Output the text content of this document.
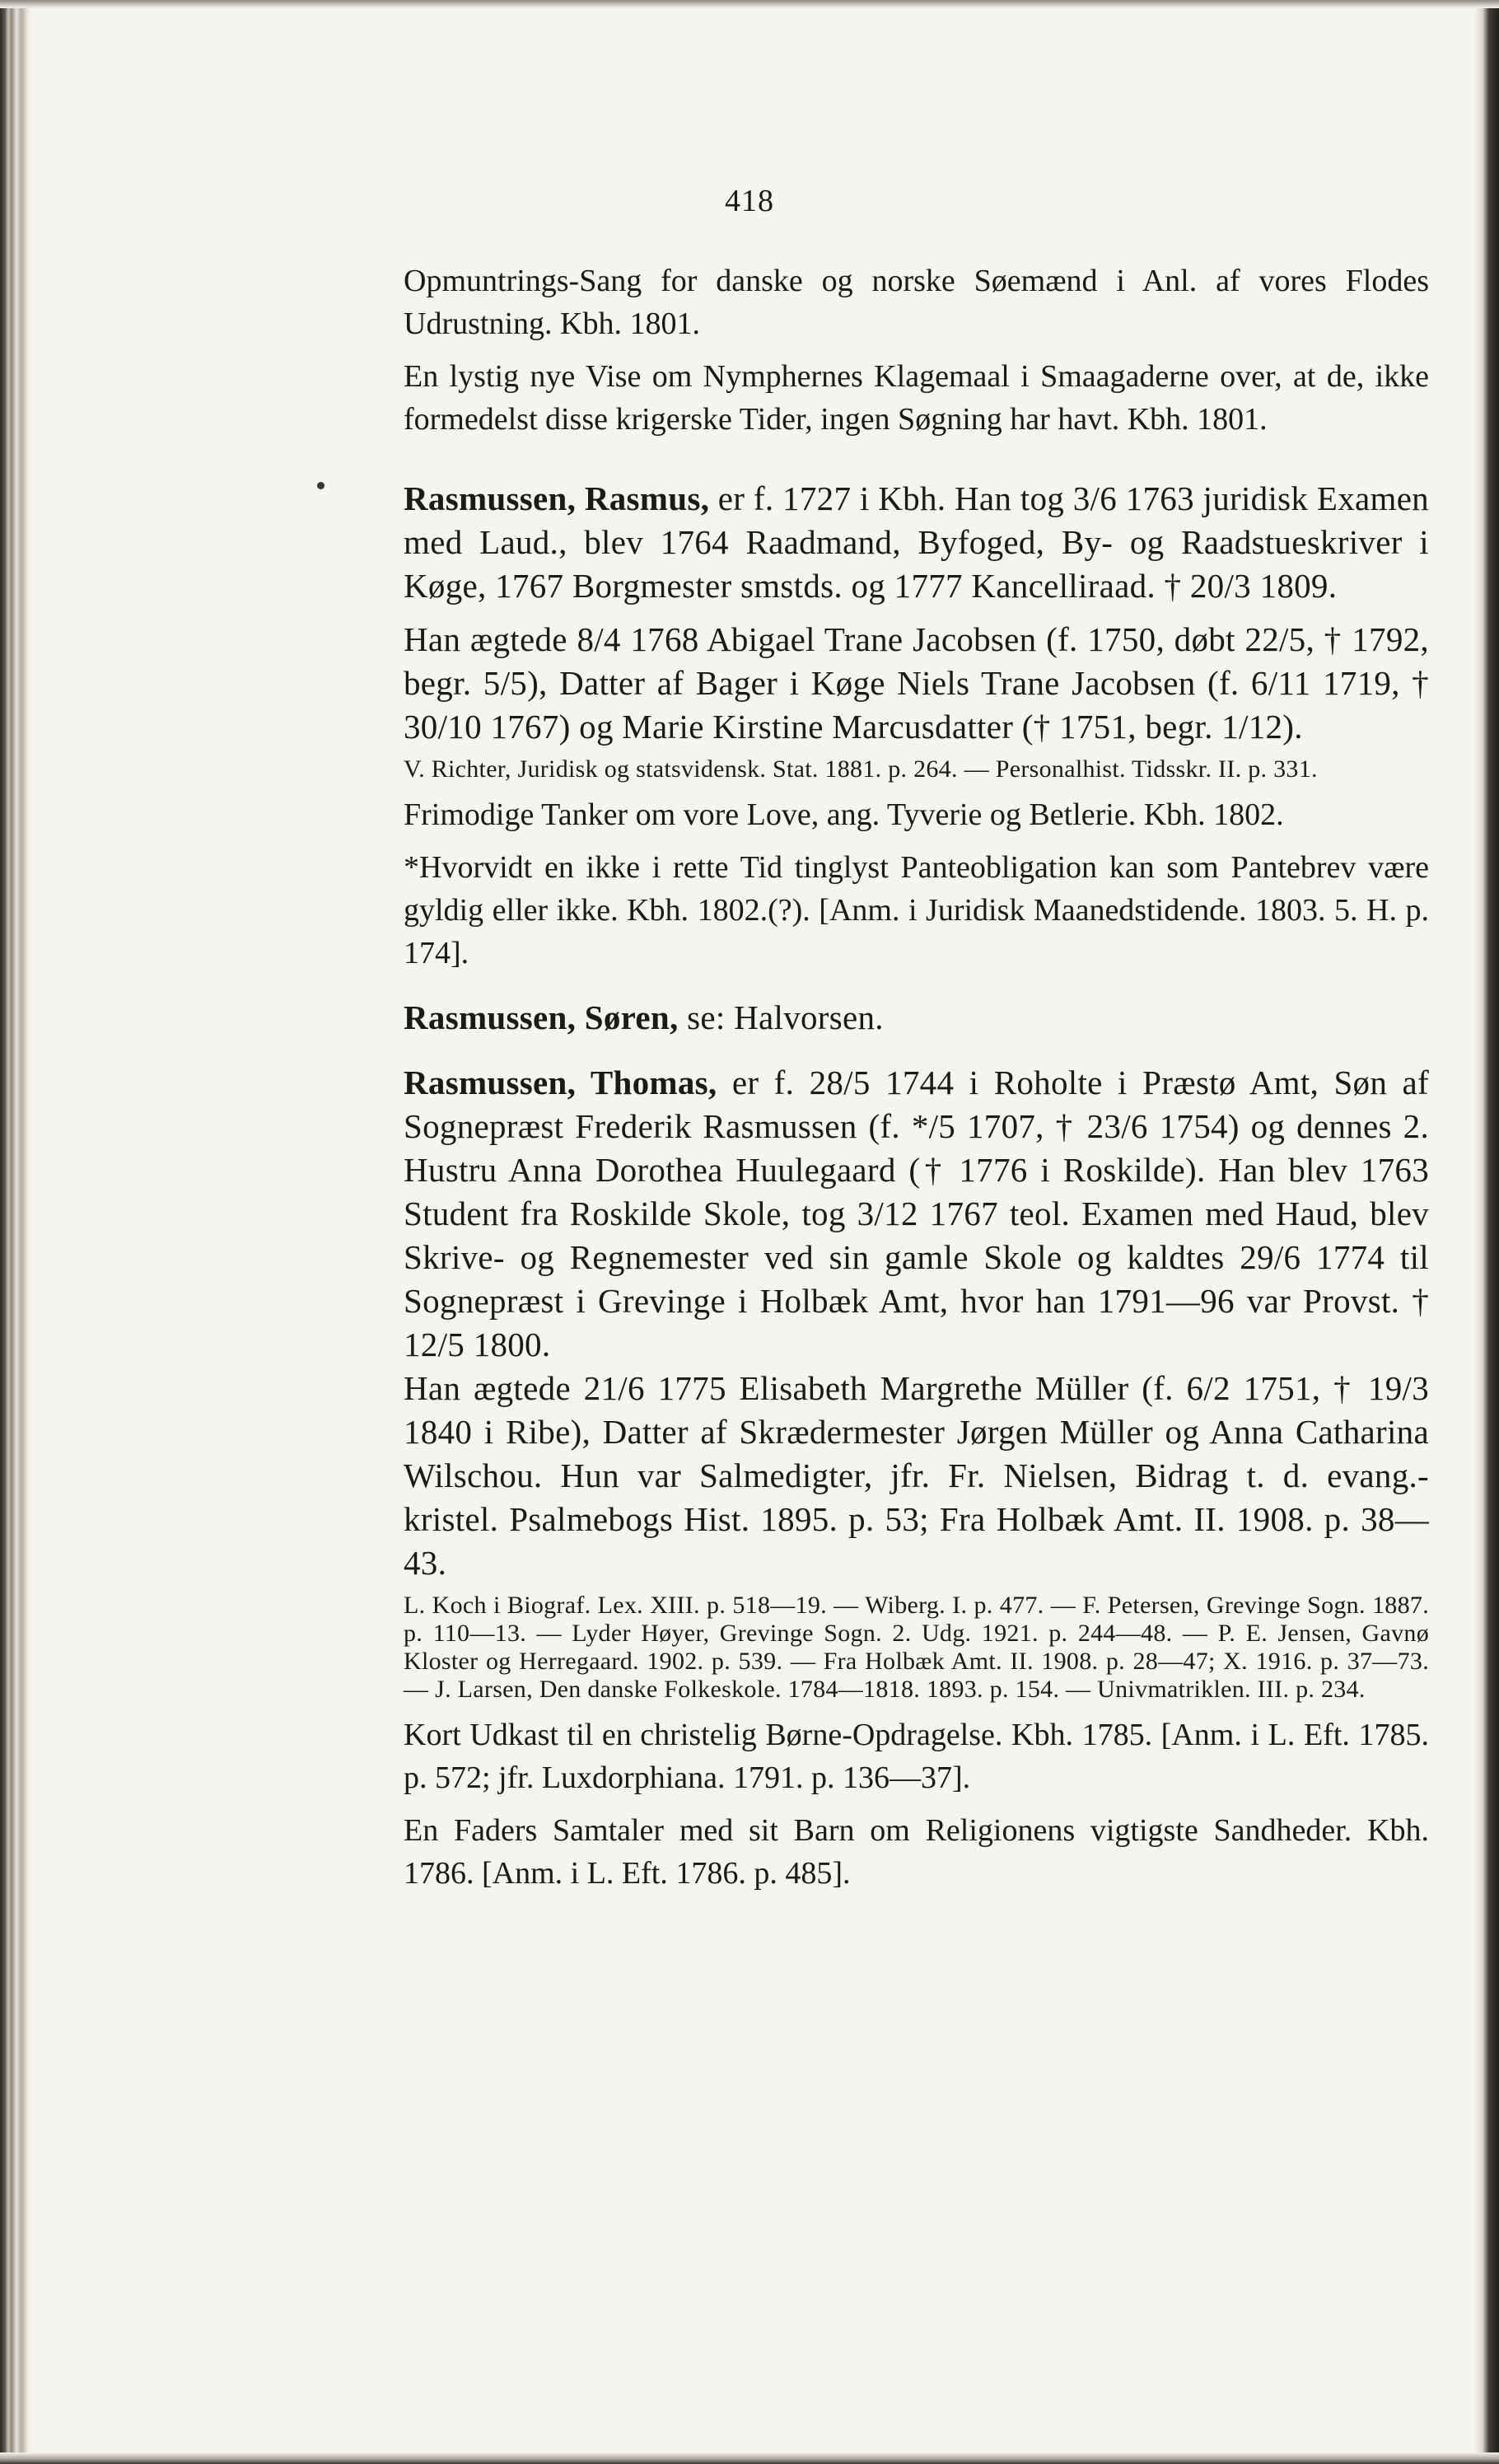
418

Opmuntrings-Sang for danske og norske Søemænd i Anl. af vores Flodes Udrustning. Kbh. 1801.

En lystig nye Vise om Nymphernes Klagemaal i Smaagaderne over, at de, ikke formedelst disse krigerske Tider, ingen Søgning har havt. Kbh. 1801.

Rasmussen, Rasmus, er f. 1727 i Kbh. Han tog 3/6 1763 juridisk Examen med Laud., blev 1764 Raadmand, Byfoged, By- og Raadstueskriver i Køge, 1767 Borgmester smstds. og 1777 Kancelliraad. † 20/3 1809.

Han ægtede 8/4 1768 Abigael Trane Jacobsen (f. 1750, døbt 22/5, † 1792, begr. 5/5), Datter af Bager i Køge Niels Trane Jacobsen (f. 6/11 1719, † 30/10 1767) og Marie Kirstine Marcusdatter († 1751, begr. 1/12).

V. Richter, Juridisk og statsvidensk. Stat. 1881. p. 264. — Personalhist. Tidsskr. II. p. 331.

Frimodige Tanker om vore Love, ang. Tyverie og Betlerie. Kbh. 1802.

*Hvorvidt en ikke i rette Tid tinglyst Panteobligation kan som Pantebrev være gyldig eller ikke. Kbh. 1802.(?). [Anm. i Juridisk Maanedstidende. 1803. 5. H. p. 174].

Rasmussen, Søren, se: Halvorsen.

Rasmussen, Thomas, er f. 28/5 1744 i Roholte i Præstø Amt, Søn af Sognepræst Frederik Rasmussen (f. */5 1707, † 23/6 1754) og dennes 2. Hustru Anna Dorothea Huulegaard († 1776 i Roskilde). Han blev 1763 Student fra Roskilde Skole, tog 3/12 1767 teol. Examen med Haud, blev Skrive- og Regnemester ved sin gamle Skole og kaldtes 29/6 1774 til Sognepræst i Grevinge i Holbæk Amt, hvor han 1791—96 var Provst. † 12/5 1800.

Han ægtede 21/6 1775 Elisabeth Margrethe Müller (f. 6/2 1751, † 19/3 1840 i Ribe), Datter af Skrædermester Jørgen Müller og Anna Catharina Wilschou. Hun var Salmedigter, jfr. Fr. Nielsen, Bidrag t. d. evang.-kristel. Psalmebogs Hist. 1895. p. 53; Fra Holbæk Amt. II. 1908. p. 38—43.

L. Koch i Biograf. Lex. XIII. p. 518—19. — Wiberg. I. p. 477. — F. Petersen, Grevinge Sogn. 1887. p. 110—13. — Lyder Høyer, Grevinge Sogn. 2. Udg. 1921. p. 244—48. — P. E. Jensen, Gavnø Kloster og Herregaard. 1902. p. 539. — Fra Holbæk Amt. II. 1908. p. 28—47; X. 1916. p. 37—73. — J. Larsen, Den danske Folkeskole. 1784—1818. 1893. p. 154. — Univmatriklen. III. p. 234.

Kort Udkast til en christelig Børne-Opdragelse. Kbh. 1785. [Anm. i L. Eft. 1785. p. 572; jfr. Luxdorphiana. 1791. p. 136—37].

En Faders Samtaler med sit Barn om Religionens vigtigste Sandheder. Kbh. 1786. [Anm. i L. Eft. 1786. p. 485].
